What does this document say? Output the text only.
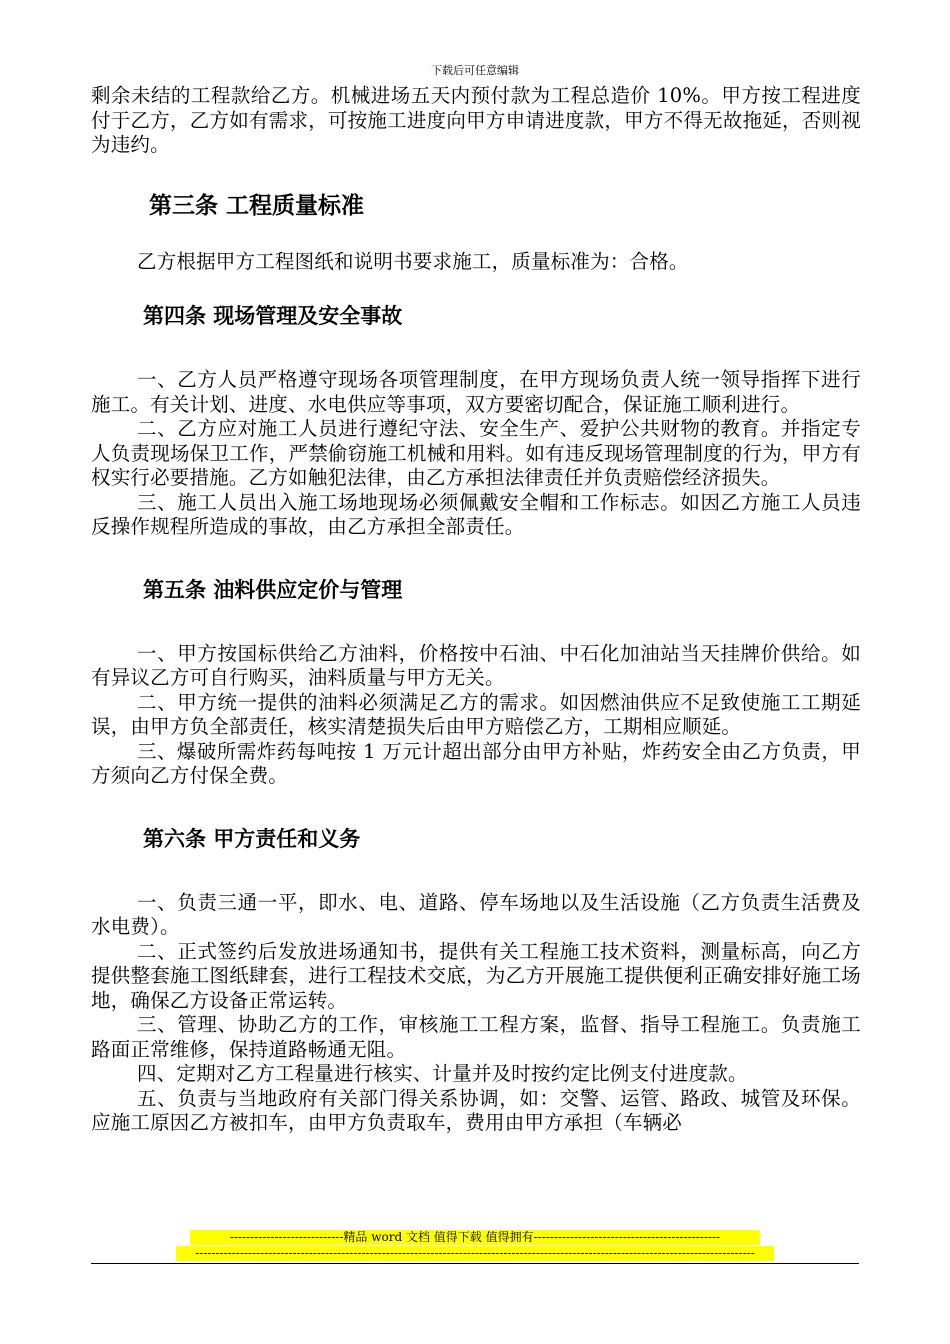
下载后可任意编辑

剩余未结的工程款给乙方。机械进场五天内预付款为工程总造价 10%。甲方按工程进度付于乙方，乙方如有需求，可按施工进度向甲方申请进度款，甲方不得无故拖延，否则视为违约。

第三条 工程质量标准

乙方根据甲方工程图纸和说明书要求施工，质量标准为：合格。

第四条 现场管理及安全事故

一、乙方人员严格遵守现场各项管理制度，在甲方现场负责人统一领导指挥下进行施工。有关计划、进度、水电供应等事项，双方要密切配合，保证施工顺利进行。

二、乙方应对施工人员进行遵纪守法、安全生产、爱护公共财物的教育。并指定专人负责现场保卫工作，严禁偷窃施工机械和用料。如有违反现场管理制度的行为，甲方有权实行必要措施。乙方如触犯法律，由乙方承担法律责任并负责赔偿经济损失。

三、施工人员出入施工场地现场必须佩戴安全帽和工作标志。如因乙方施工人员违反操作规程所造成的事故，由乙方承担全部责任。

第五条 油料供应定价与管理

一、甲方按国标供给乙方油料，价格按中石油、中石化加油站当天挂牌价供给。如有异议乙方可自行购买，油料质量与甲方无关。

二、甲方统一提供的油料必须满足乙方的需求。如因燃油供应不足致使施工工期延误，由甲方负全部责任，核实清楚损失后由甲方赔偿乙方，工期相应顺延。

三、爆破所需炸药每吨按 1 万元计超出部分由甲方补贴，炸药安全由乙方负责，甲方须向乙方付保全费。

第六条 甲方责任和义务

一、负责三通一平，即水、电、道路、停车场地以及生活设施（乙方负责生活费及水电费）。

二、正式签约后发放进场通知书，提供有关工程施工技术资料，测量标高，向乙方提供整套施工图纸肆套，进行工程技术交底，为乙方开展施工提供便利正确安排好施工场地，确保乙方设备正常运转。

三、管理、协助乙方的工作，审核施工工程方案，监督、指导工程施工。负责施工路面正常维修，保持道路畅通无阻。

四、定期对乙方工程量进行核实、计量并及时按约定比例支付进度款。

五、负责与当地政府有关部门得关系协调，如：交警、运管、路政、城管及环保。应施工原因乙方被扣车，由甲方负责取车，费用由甲方承担（车辆必

----------------------------精品 word 文档 值得下载 值得拥有----------------------------------------------
------------------------------------------------------------------------------------------------------------------------------------------
